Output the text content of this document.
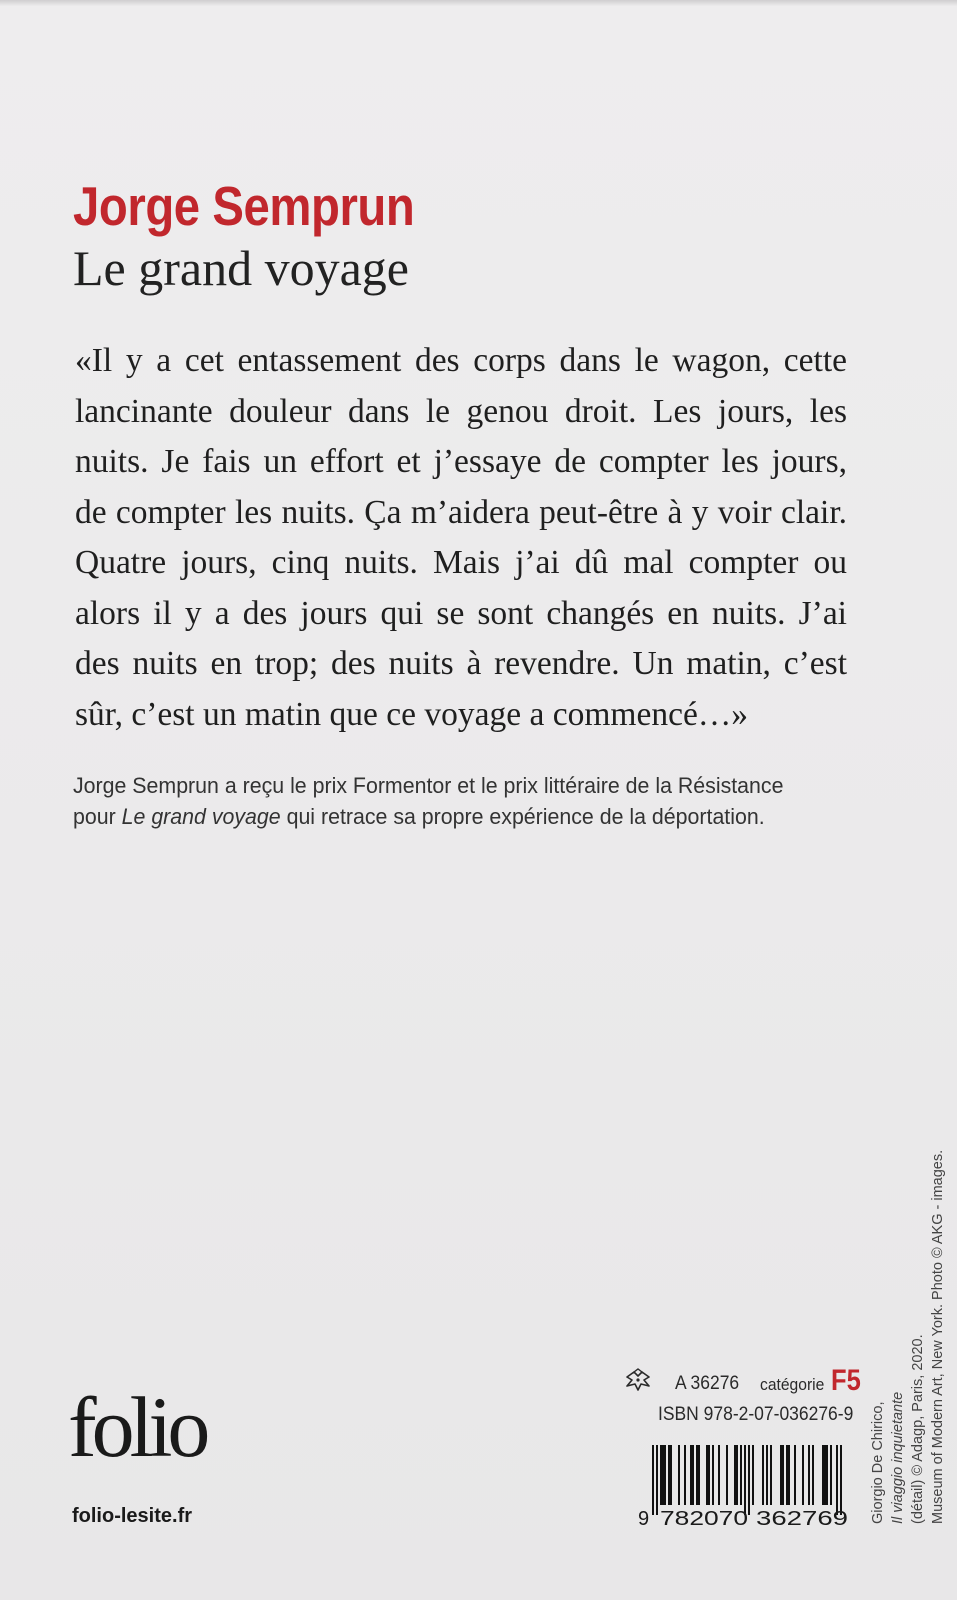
Jorge Semprun
Le grand voyage
«Il y a cet entassement des corps dans le wagon, cette
lancinante douleur dans le genou droit. Les jours, les
nuits. Je fais un effort et j’essaye de compter les jours,
de compter les nuits. Ça m’aidera peut-être à y voir clair.
Quatre jours, cinq nuits. Mais j’ai dû mal compter ou
alors il y a des jours qui se sont changés en nuits. J’ai
des nuits en trop; des nuits à revendre. Un matin, c’est
sûr, c’est un matin que ce voyage a commencé…»
Jorge Semprun a reçu le prix Formentor et le prix littéraire de la Résistance
pour Le grand voyage qui retrace sa propre expérience de la déportation.
folio
folio-lesite.fr
A 36276 catégorie F5
ISBN 978-2-07-036276-9
9 782070 362769 Giorgio De Chirico, Il viaggio inquietante (détail) © Adagp, Paris, 2020. Museum of Modern Art, New York. Photo © AKG - images.
